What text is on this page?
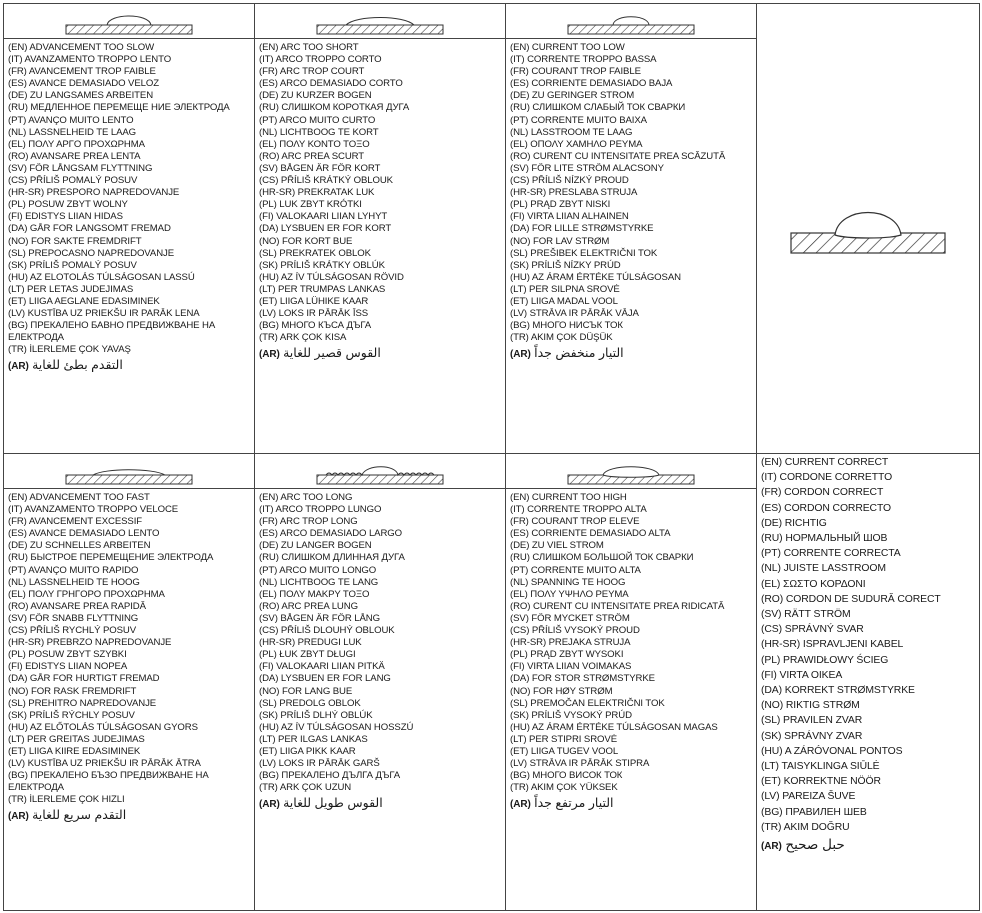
(EN) ADVANCEMENT TOO SLOW
(IT) AVANZAMENTO TROPPO LENTO
(FR) AVANCEMENT TROP FAIBLE
(ES) AVANCE DEMASIADO VELOZ
(DE) ZU LANGSAMES ARBEITEN
(RU) МЕДЛЕННОЕ ПЕРЕМЕЩЕ НИЕ ЭЛЕКТРОДА
(PT) AVANÇO MUITO LENTO
(NL) LASSNELHEID TE LAAG
(EL) ΠΟΛΥ ΑΡΓΟ ΠΡΟΧΩΡΗΜΑ
(RO) AVANSARE PREA LENTA
(SV) FÖR LÅNGSAM FLYTTNING
(CS) PŘÍLIŠ POMALÝ POSUV
(HR-SR) PRESPORO NAPREDOVANJE
(PL) POSUW ZBYT WOLNY
(FI) EDISTYS LIIAN HIDAS
(DA) GÅR FOR LANGSOMT FREMAD
(NO) FOR SAKTE FREMDRIFT
(SL) PREPOCASNO NAPREDOVANJE
(SK) PRÍLIŠ POMALÝ POSUV
(HU) AZ ELOTOLÁS TÚLSÁGOSAN LASSÚ
(LT) PER LETAS JUDEJIMAS
(ET) LIIGA AEGLANE EDASIMINEK
(LV) KUSTĪBA UZ PRIEKŠU IR PARĀK LENA
(BG) ПРЕКАЛЕНО БАВНО ПРЕДВИЖВАНЕ НА
ЕЛЕКТРОДА
(TR) İLERLEME ÇOK YAVAŞ
(AR) التقدم بطئ للغاية
(EN) ARC TOO SHORT
(IT) ARCO TROPPO CORTO
(FR) ARC TROP COURT
(ES) ARCO DEMASIADO CORTO
(DE) ZU KURZER BOGEN
(RU) СЛИШКОМ КОРОТКАЯ ДУГА
(PT) ARCO MUITO CURTO
(NL) LICHTBOOG TE KORT
(EL) ΠΟΛΥ ΚΟΝΤΟ ΤΟΞΟ
(RO) ARC PREA SCURT
(SV) BÅGEN ÄR FÖR KORT
(CS) PŘÍLIŠ KRÁTKÝ OBLOUK
(HR-SR) PREKRATAK LUK
(PL) LUK ZBYT KRÓTKI
(FI) VALOKAARI LIIAN LYHYT
(DA) LYSBUEN ER FOR KORT
(NO) FOR KORT BUE
(SL) PREKRATEK OBLOK
(SK) PRÍLIŠ KRÁTKY OBLÚK
(HU) AZ ÍV TÚLSÁGOSAN RÖVID
(LT) PER TRUMPAS LANKAS
(ET) LIIGA LÜHIKE KAAR
(LV) LOKS IR PĀRĀK ĪSS
(BG) МНОГО КЪСА ДЪГА
(TR) ARK ÇOK KISA
(AR) القوس قصير للغاية
(EN) CURRENT TOO LOW
(IT) CORRENTE TROPPO BASSA
(FR) COURANT TROP FAIBLE
(ES) CORRIENTE DEMASIADO BAJA
(DE) ZU GERINGER STROM
(RU) СЛИШКОМ СЛАБЫЙ ТОК СВАРКИ
(PT) CORRENTE MUITO BAIXA
(NL) LASSTROOM TE LAAG
(EL) ΟΠΟΛΥ ΧΑΜΗΛΟ ΡΕΥΜΑ
(RO) CURENT CU INTENSITATE PREA SCĂZUTĂ
(SV) FÖR LITE STRÖM ALACSONY
(CS) PŘÍLIŠ NÍZKÝ PROUD
(HR-SR) PRESLABA STRUJA
(PL) PRĄD ZBYT NISKI
(FI) VIRTA LIIAN ALHAINEN
(DA) FOR LILLE STRØMSTYRKE
(NO) FOR LAV STRØM
(SL) PREŠIBEK ELEKTRIČNI TOK
(SK) PRÍLIŠ NÍZKY PRÚD
(HU) AZ ÁRAM ÉRTÉKE TÚLSÁGOSAN
(LT) PER SILPNA SROVĖ
(ET) LIIGA MADAL VOOL
(LV) STRĀVA IR PĀRĀK VĀJA
(BG) МНОГО НИСЪК ТОК
(TR) AKIM ÇOK DÜŞÜK
(AR) التيار منخفض جداً
(EN) ADVANCEMENT TOO FAST
(IT) AVANZAMENTO TROPPO VELOCE
(FR) AVANCEMENT EXCESSIF
(ES) AVANCE DEMASIADO LENTO
(DE) ZU SCHNELLES ARBEITEN
(RU) БЫСТРОЕ ПЕРЕМЕЩЕНИЕ ЭЛЕКТРОДА
(PT) AVANÇO MUITO RAPIDO
(NL) LASSNELHEID TE HOOG
(EL) ΠΟΛΥ ΓΡΗΓΟΡΟ ΠΡΟΧΩΡΗΜΑ
(RO) AVANSARE PREA RAPIDĂ
(SV) FÖR SNABB FLYTTNING
(CS) PŘÍLIŠ RYCHLÝ POSUV
(HR-SR) PREBRZO NAPREDOVANJE
(PL) POSUW ZBYT SZYBKI
(FI) EDISTYS LIIAN NOPEA
(DA) GÅR FOR HURTIGT FREMAD
(NO) FOR RASK FREMDRIFT
(SL) PREHITRO NAPREDOVANJE
(SK) PRÍLIŠ RÝCHLY POSUV
(HU) AZ ELŐTOLÁS TÚLSÁGOSAN GYORS
(LT) PER GREITAS JUDEJIMAS
(ET) LIIGA KIIRE EDASIMINEK
(LV) KUSTĪBA UZ PRIEKŠU IR PĀRĀK ĀTRA
(BG) ПРЕКАЛЕНО БЪЗО ПРЕДВИЖВАНЕ НА
ЕЛЕКТРОДА
(TR) İLERLEME ÇOK HIZLI
(AR) التقدم سريع للغاية
(EN) ARC TOO LONG
(IT) ARCO TROPPO LUNGO
(FR) ARC TROP LONG
(ES) ARCO DEMASIADO LARGO
(DE) ZU LANGER BOGEN
(RU) СЛИШКОМ ДЛИННАЯ ДУГА
(PT) ARCO MUITO LONGO
(NL) LICHTBOOG TE LANG
(EL) ΠΟΛΥ ΜΑΚΡΥ ΤΟΞΟ
(RO) ARC PREA LUNG
(SV) BÅGEN ÄR FÖR LÅNG
(CS) PŘÍLIŠ DLOUHÝ OBLOUK
(HR-SR) PREDUGI LUK
(PL) ŁUK ZBYT DŁUGI
(FI) VALOKAARI LIIAN PITKÄ
(DA) LYSBUEN ER FOR LANG
(NO) FOR LANG BUE
(SL) PREDOLG OBLOK
(SK) PRÍLIŠ DLHÝ OBLÚK
(HU) AZ ÍV TÚLSÁGOSAN HOSSZÚ
(LT) PER ILGAS LANKAS
(ET) LIIGA PIKK KAAR
(LV) LOKS IR PĀRĀK GARŠ
(BG) ПРЕКАЛЕНО ДЪЛГА ДЪГА
(TR) ARK ÇOK UZUN
(AR) القوس طويل للغاية
(EN) CURRENT TOO HIGH
(IT) CORRENTE TROPPO ALTA
(FR) COURANT TROP ELEVE
(ES) CORRIENTE DEMASIADO ALTA
(DE) ZU VIEL STROM
(RU) СЛИШКОМ БОЛЬШОЙ ТОК СВАРКИ
(PT) CORRENTE MUITO ALTA
(NL) SPANNING TE HOOG
(EL) ΠΟΛΥ ΥΨΗΛΟ ΡΕΥΜΑ
(RO) CURENT CU INTENSITATE PREA RIDICATĂ
(SV) FÖR MYCKET STRÖM
(CS) PŘÍLIŠ VYSOKÝ PROUD
(HR-SR) PREJAKA STRUJA
(PL) PRĄD ZBYT WYSOKI
(FI) VIRTA LIIAN VOIMAKAS
(DA) FOR STOR STRØMSTYRKE
(NO) FOR HØY STRØM
(SL) PREMOČAN ELEKTRIČNI TOK
(SK) PRÍLIŠ VYSOKÝ PRÚD
(HU) AZ ÁRAM ÉRTÉKE TÚLSÁGOSAN MAGAS
(LT) PER STIPRI SROVĖ
(ET) LIIGA TUGEV VOOL
(LV) STRĀVA IR PĀRĀK STIPRA
(BG) МНОГО ВИСОК ТОК
(TR) AKIM ÇOK YÜKSEK
(AR) التيار مرتفع جداً
(EN) CURRENT CORRECT
(IT) CORDONE CORRETTO
(FR) CORDON CORRECT
(ES) CORDON CORRECTO
(DE) RICHTIG
(RU) НОРМАЛЬНЫЙ ШОВ
(PT) CORRENTE CORRECTA
(NL) JUISTE LASSTROOM
(EL) ΣΩΣΤΟ ΚΟΡΔΟΝΙ
(RO) CORDON DE SUDURĂ CORECT
(SV) RÄTT STRÖM
(CS) SPRÁVNÝ SVAR
(HR-SR) ISPRAVLJENI KABEL
(PL) PRAWIDŁOWY ŚCIEG
(FI) VIRTA OIKEA
(DA) KORREKT STRØMSTYRKE
(NO) RIKTIG STRØM
(SL) PRAVILEN ZVAR
(SK) SPRÁVNY ZVAR
(HU) A ZÁRÓVONAL PONTOS
(LT) TAISYKLINGA SIŪLĖ
(ET) KORREKTNE NÖÖR
(LV) PAREIZA ŠUVE
(BG) ПРАВИЛЕН ШЕВ
(TR) AKIM DOĞRU
(AR) حبل صحيح
